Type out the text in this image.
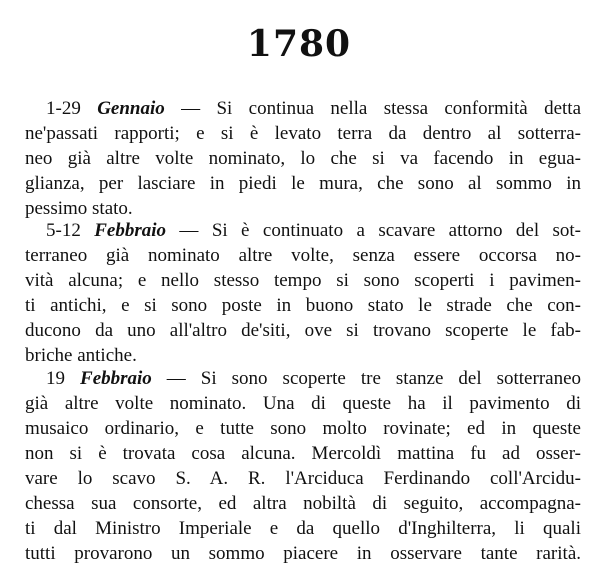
1780
1-29 Gennaio — Si continua nella stessa conformità detta
ne'passati rapporti; e si è levato terra da dentro al sotterra-
neo già altre volte nominato, lo che si va facendo in egua-
glianza, per lasciare in piedi le mura, che sono al sommo in
pessimo stato.
5-12 Febbraio — Si è continuato a scavare attorno del sot-
terraneo già nominato altre volte, senza essere occorsa no-
vità alcuna; e nello stesso tempo si sono scoperti i pavimen-
ti antichi, e si sono poste in buono stato le strade che con-
ducono da uno all'altro de'siti, ove si trovano scoperte le fab-
briche antiche.
19 Febbraio — Si sono scoperte tre stanze del sotterraneo
già altre volte nominato. Una di queste ha il pavimento di
musaico ordinario, e tutte sono molto rovinate; ed in queste
non si è trovata cosa alcuna. Mercoldì mattina fu ad osser-
vare lo scavo S. A. R. l'Arciduca Ferdinando coll'Arcidu-
chessa sua consorte, ed altra nobiltà di seguito, accompagna-
ti dal Ministro Imperiale e da quello d'Inghilterra, li quali
tutti provarono un sommo piacere in osservare tante rarità.
